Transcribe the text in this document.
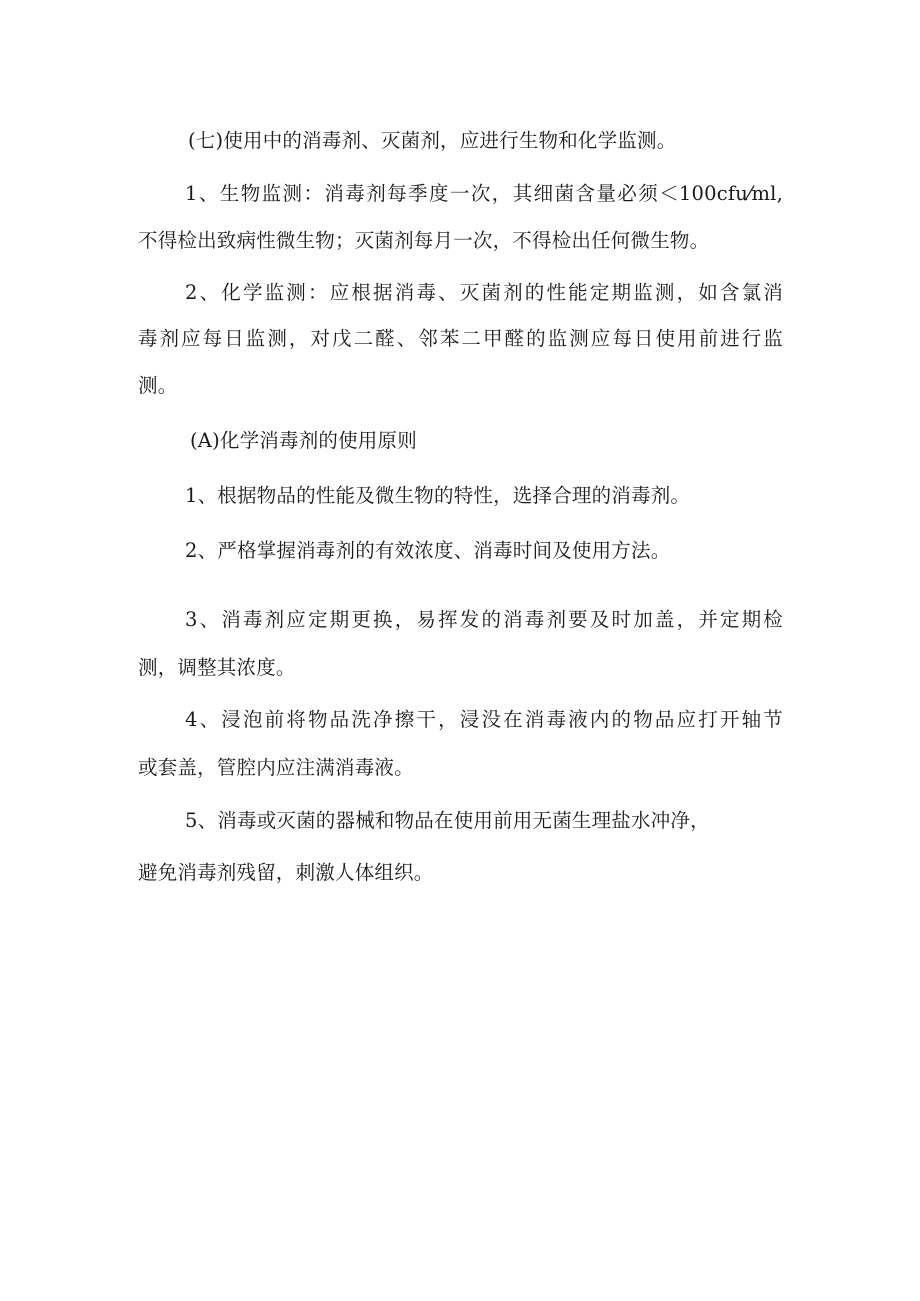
(七)使用中的消毒剂、灭菌剂，应进行生物和化学监测。
1、生物监测：消毒剂每季度一次，其细菌含量必须＜100cfu⁄ml,
不得检出致病性微生物；灭菌剂每月一次，不得检出任何微生物。
2、化学监测：应根据消毒、灭菌剂的性能定期监测，如含氯消
毒剂应每日监测，对戊二醛、邻苯二甲醛的监测应每日使用前进行监
测。
(A)化学消毒剂的使用原则
1、根据物品的性能及微生物的特性，选择合理的消毒剂。
2、严格掌握消毒剂的有效浓度、消毒时间及使用方法。
3、消毒剂应定期更换，易挥发的消毒剂要及时加盖，并定期检
测，调整其浓度。
4、浸泡前将物品洗净擦干，浸没在消毒液内的物品应打开轴节
或套盖，管腔内应注满消毒液。
5、消毒或灭菌的器械和物品在使用前用无菌生理盐水冲净，
避免消毒剂残留，刺激人体组织。
